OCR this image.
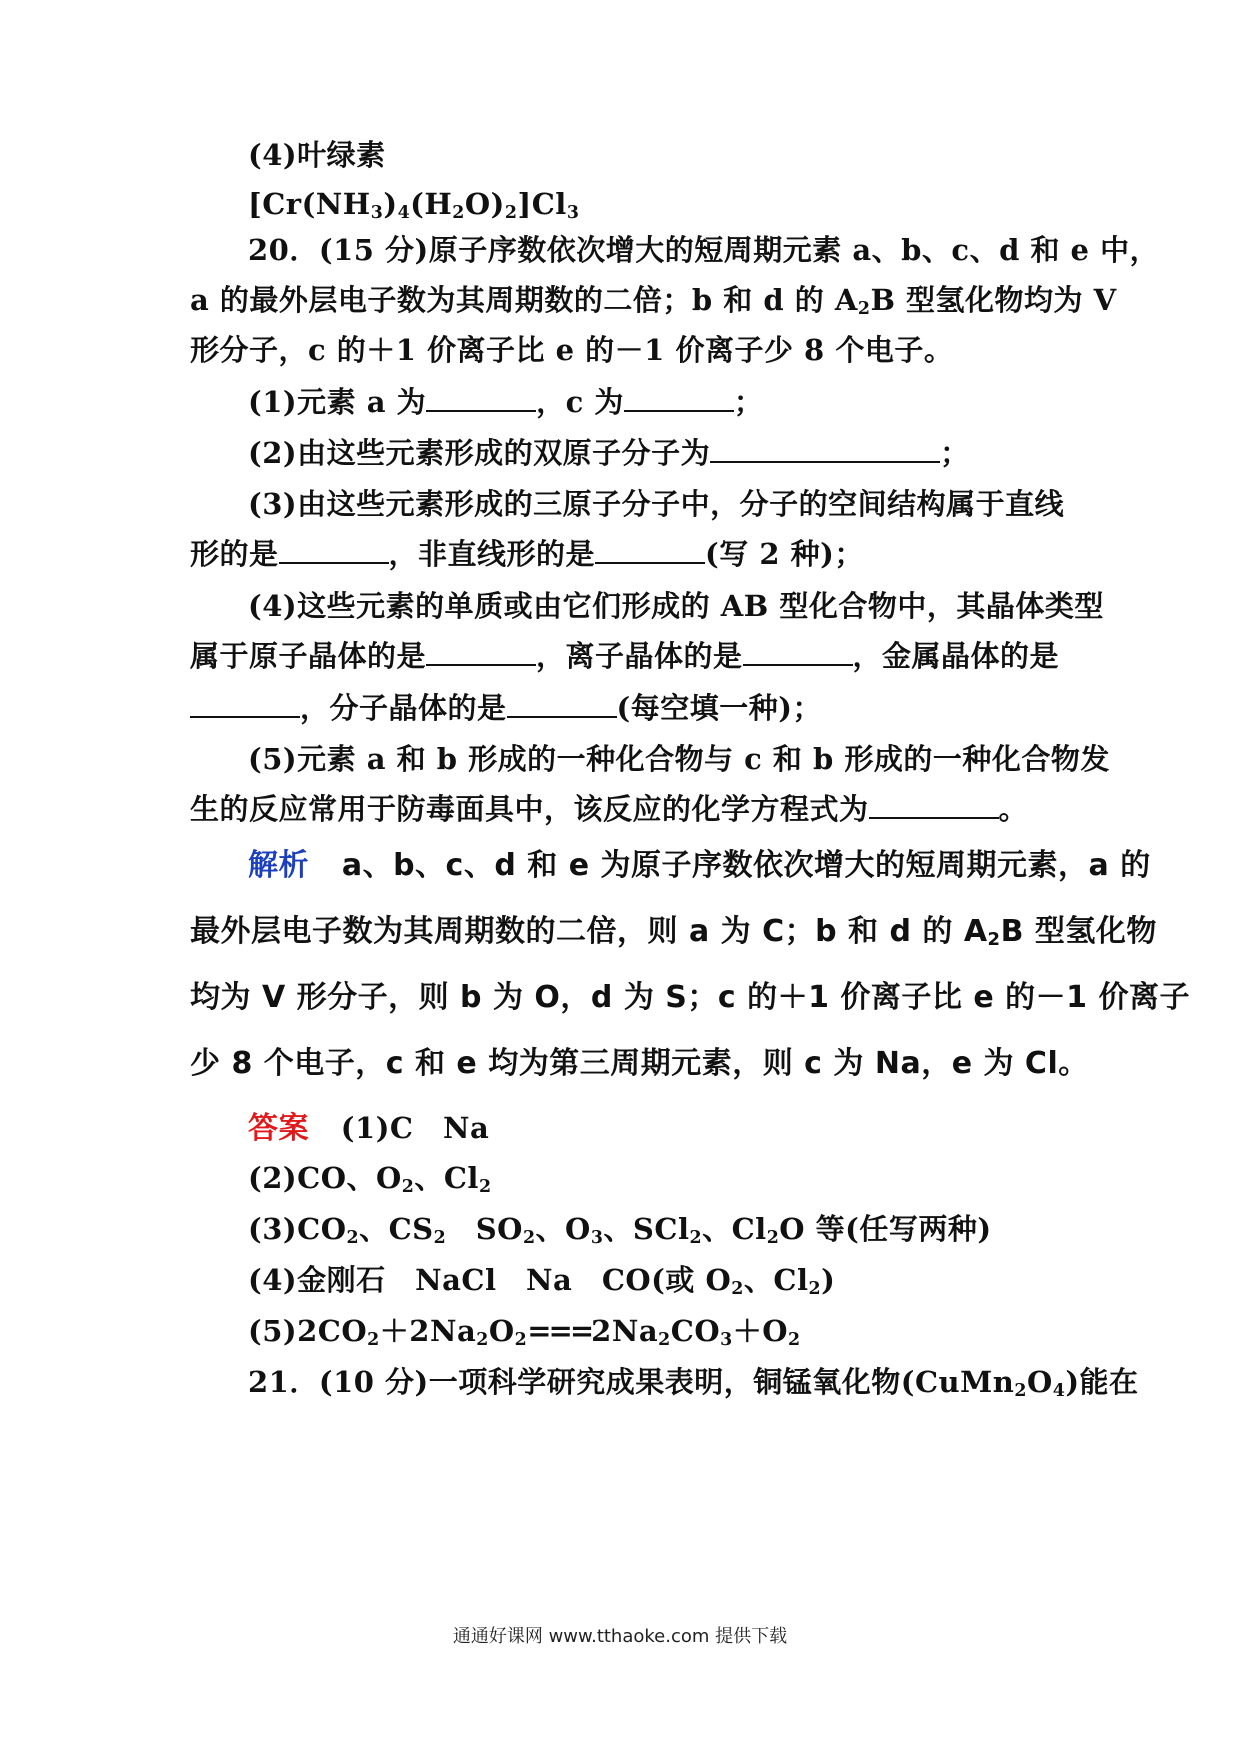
(4)叶绿素
$[Cr(NH_3)_4(H_2O)_2]Cl_3$
20．(15 分)原子序数依次增大的短周期元素 a、b、c、d 和 e 中，
a 的最外层电子数为其周期数的二倍；b 和 d 的 $A_2B$ 型氢化物均为 V
形分子，c 的＋1 价离子比 e 的－1 价离子少 8 个电子。
(1)元素 a 为	，c 为	；
(2)由这些元素形成的双原子分子为	；
(3)由这些元素形成的三原子分子中，分子的空间结构属于直线
形的是	，非直线形的是	(写 2 种)；
(4)这些元素的单质或由它们形成的 AB 型化合物中，其晶体类型
属于原子晶体的是	，离子晶体的是	，金属晶体的是
，分子晶体的是	(每空填一种)；
(5)元素 a 和 b 形成的一种化合物与 c 和 b 形成的一种化合物发
生的反应常用于防毒面具中，该反应的化学方程式为	。
解析 a、b、c、d 和 e 为原子序数依次增大的短周期元素，a 的
最外层电子数为其周期数的二倍，则 a 为 C；b 和 d 的 $A_2B$ 型氢化物
均为 V 形分子，则 b 为 O，d 为 S；c 的＋1 价离子比 e 的－1 价离子
少 8 个电子，c 和 e 均为第三周期元素，则 c 为 Na，e 为 Cl。
答案 (1)C　Na
(2)CO、$O_2$、$Cl_2$
$(3)CO_2$、$CS_2$　$SO_2$、$O_3$、SCl$_2$、$Cl_2O$ 等(任写两种)
(4)金刚石　NaCl　Na　CO(或 $O_2$、$Cl_2$)
$(5)2CO_2+2Na_2O_2===2Na_2CO_3+O_2$
21．(10 分)一项科学研究成果表明，铜锰氧化物$(CuMn_2O_4)$能在
通通好课网 www.tthaoke.com 提供下载
